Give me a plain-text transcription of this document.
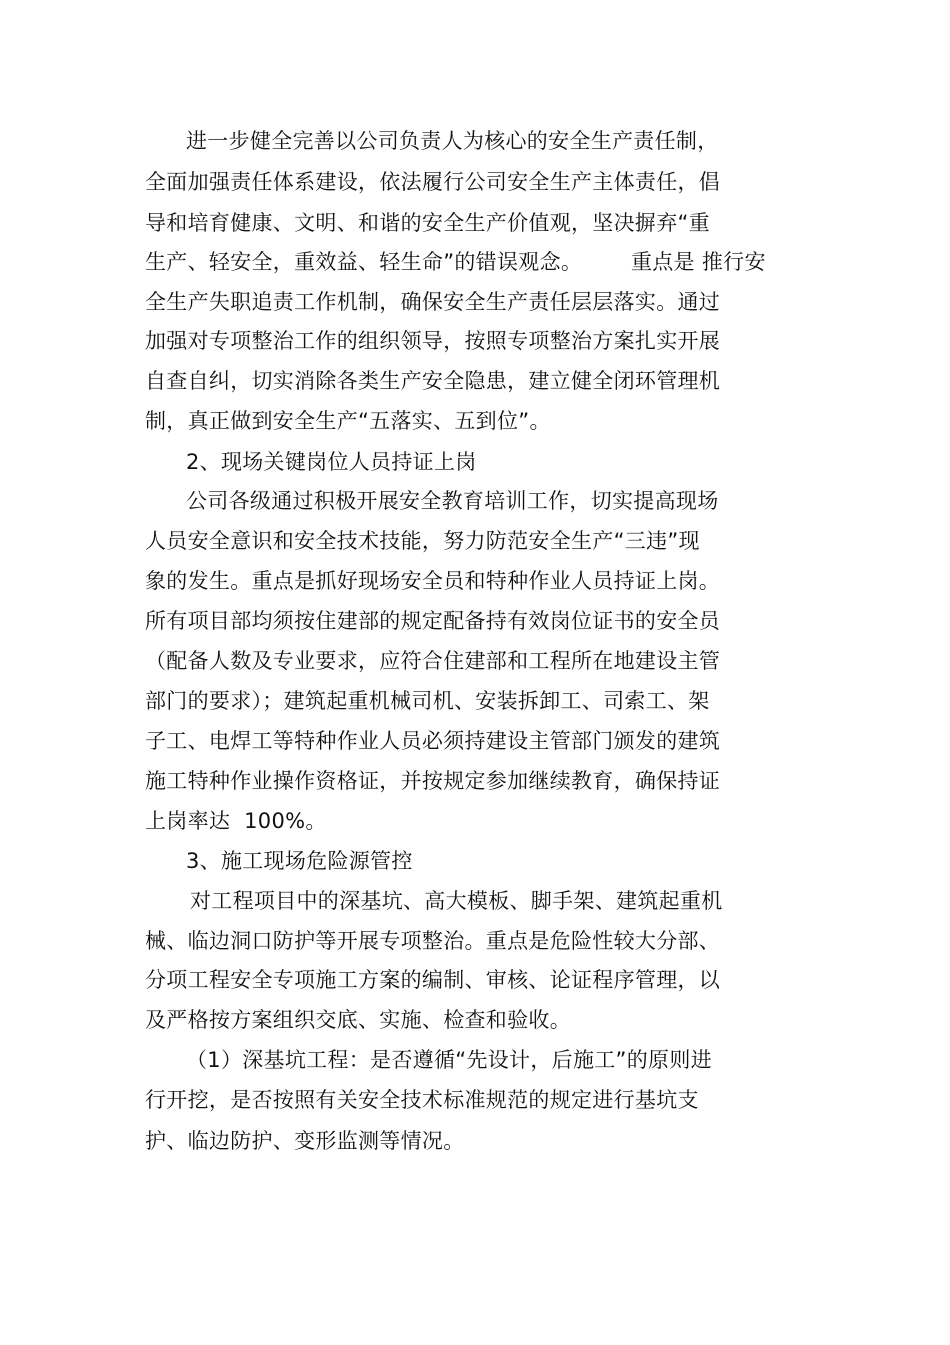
进一步健全完善以公司负责人为核心的安全生产责任制，
全面加强责任体系建设，依法履行公司安全生产主体责任，倡
导和培育健康、文明、和谐的安全生产价值观，坚决摒弃“重
生产、轻安全，重效益、轻生命”的错误观念。       重点是 推行安
全生产失职追责工作机制，确保安全生产责任层层落实。通过
加强对专项整治工作的组织领导，按照专项整治方案扎实开展
自查自纠，切实消除各类生产安全隐患，建立健全闭环管理机
制，真正做到安全生产“五落实、五到位”。
2、现场关键岗位人员持证上岗
公司各级通过积极开展安全教育培训工作，切实提高现场
人员安全意识和安全技术技能，努力防范安全生产“三违”现
象的发生。重点是抓好现场安全员和特种作业人员持证上岗。
所有项目部均须按住建部的规定配备持有效岗位证书的安全员
（配备人数及专业要求，应符合住建部和工程所在地建设主管
部门的要求）；建筑起重机械司机、安装拆卸工、司索工、架
子工、电焊工等特种作业人员必须持建设主管部门颁发的建筑
施工特种作业操作资格证，并按规定参加继续教育，确保持证
上岗率达  100%。
3、施工现场危险源管控
对工程项目中的深基坑、高大模板、脚手架、建筑起重机
械、临边洞口防护等开展专项整治。重点是危险性较大分部、
分项工程安全专项施工方案的编制、审核、论证程序管理，以
及严格按方案组织交底、实施、检查和验收。
（1）深基坑工程：是否遵循“先设计，后施工”的原则进
行开挖，是否按照有关安全技术标准规范的规定进行基坑支
护、临边防护、变形监测等情况。
